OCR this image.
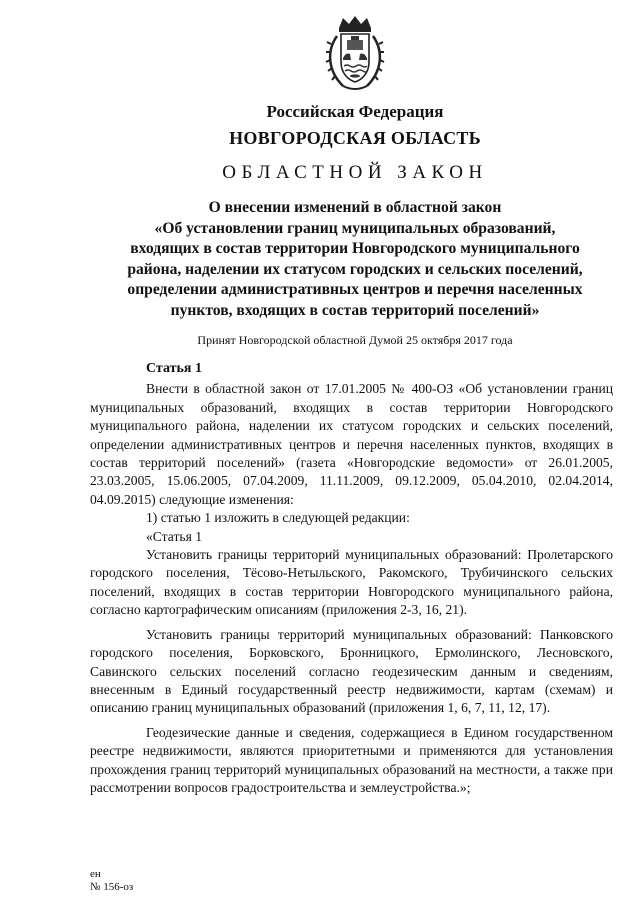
Российская Федерация
НОВГОРОДСКАЯ ОБЛАСТЬ
ОБЛАСТНОЙ ЗАКОН
О внесении изменений в областной закон
«Об установлении границ муниципальных образований,
входящих в состав территории Новгородского муниципального
района, наделении их статусом городских и сельских поселений,
определении административных центров и перечня населенных
пунктов, входящих в состав территорий поселений»
Принят Новгородской областной Думой 25 октября 2017 года
Статья 1

Внести в областной закон от 17.01.2005 № 400-ОЗ «Об установлении границ муниципальных образований, входящих в состав территории Новгородского муниципального района, наделении их статусом городских и сельских поселений, определении административных центров и перечня населенных пунктов, входящих в состав территорий поселений» (газета «Новгородские ведомости» от 26.01.2005, 23.03.2005, 15.06.2005, 07.04.2009, 11.11.2009, 09.12.2009, 05.04.2010, 02.04.2014, 04.09.2015) следующие изменения:

1) статью 1 изложить в следующей редакции:

«Статья 1

Установить границы территорий муниципальных образований: Пролетарского городского поселения, Тёсово-Нетыльского, Ракомского, Трубичинского сельских поселений, входящих в состав территории Новгородского муниципального района, согласно картографическим описаниям (приложения 2-3, 16, 21).

Установить границы территорий муниципальных образований: Панковского городского поселения, Борковского, Бронницкого, Ермолинского, Лесновского, Савинского сельских поселений согласно геодезическим данным и сведениям, внесенным в Единый государственный реестр недвижимости, картам (схемам) и описанию границ муниципальных образований (приложения 1, 6, 7, 11, 12, 17).

Геодезические данные и сведения, содержащиеся в Едином государственном реестре недвижимости, являются приоритетными и применяются для установления прохождения границ территорий муниципальных образований на местности, а также при рассмотрении вопросов градостроительства и землеустройства.»;

ен
№ 156-оз
